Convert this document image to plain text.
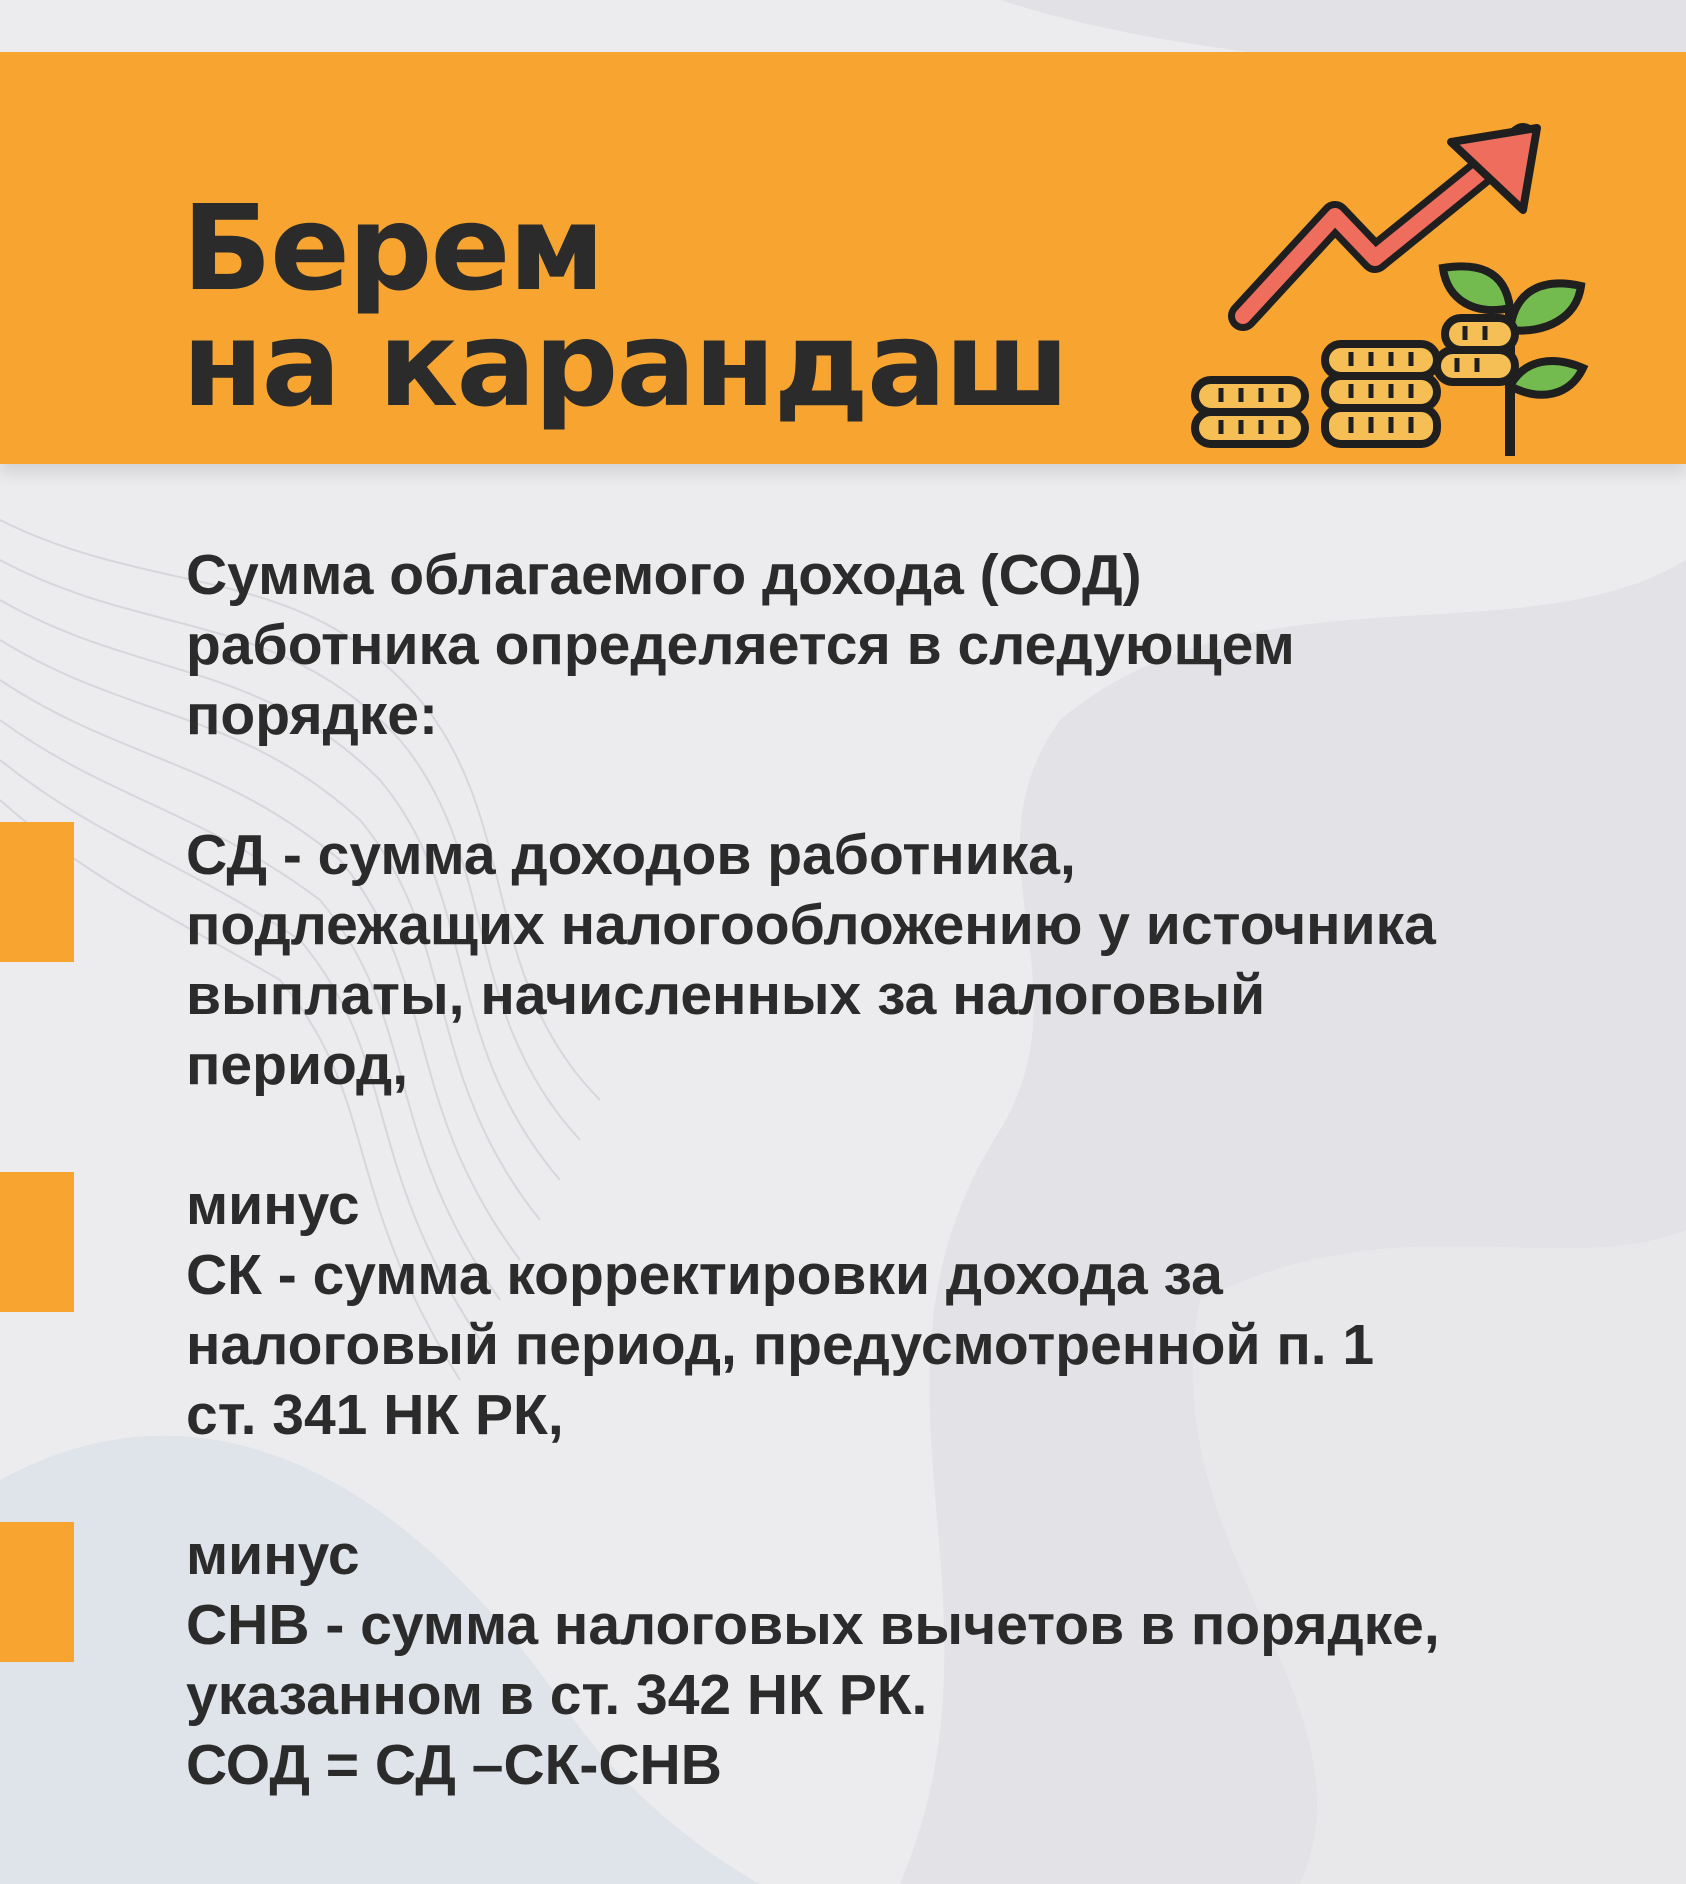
Берем
на карандаш

Сумма облагаемого дохода (СОД)
работника определяется в следующем
порядке:

СД - сумма доходов работника,
подлежащих налогообложению у источника
выплаты, начисленных за налоговый
период,

минус
СК - сумма корректировки дохода за
налоговый период, предусмотренной п. 1
ст. 341 НК РК,

минус
СНВ - сумма налоговых вычетов в порядке,
указанном в ст. 342 НК РК.
СОД = СД –СК-СНВ
